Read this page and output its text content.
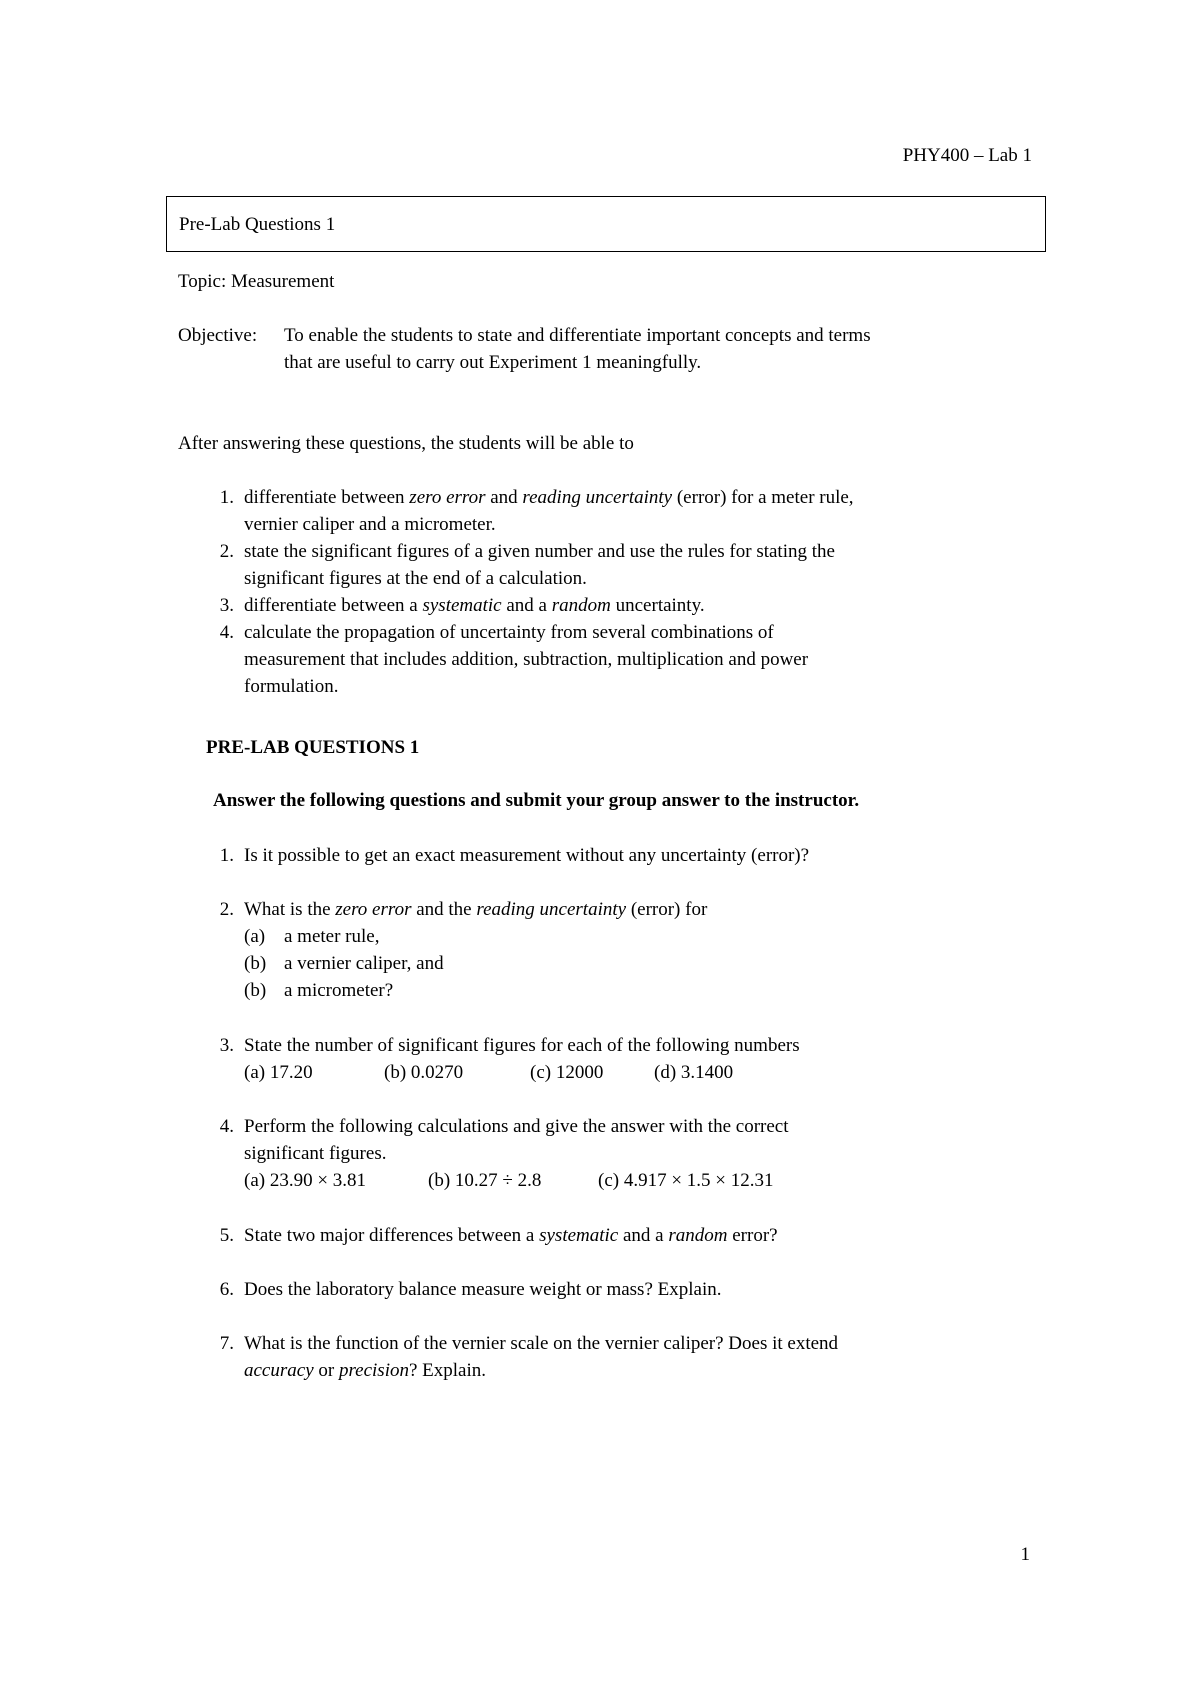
PHY400 – Lab 1
Pre-Lab Questions 1
Topic: Measurement
Objective: To enable the students to state and differentiate important concepts and terms
that are useful to carry out Experiment 1 meaningfully.
After answering these questions, the students will be able to
1. differentiate between zero error and reading uncertainty (error) for a meter rule,
vernier caliper and a micrometer.
2. state the significant figures of a given number and use the rules for stating the
significant figures at the end of a calculation.
3. differentiate between a systematic and a random uncertainty.
4. calculate the propagation of uncertainty from several combinations of
measurement that includes addition, subtraction, multiplication and power
formulation.
PRE-LAB QUESTIONS 1
Answer the following questions and submit your group answer to the instructor.
1. Is it possible to get an exact measurement without any uncertainty (error)?
2. What is the zero error and the reading uncertainty (error) for
(a) a meter rule,
(b) a vernier caliper, and
(b) a micrometer?
3. State the number of significant figures for each of the following numbers
(a) 17.20	(b) 0.0270	(c) 12000	(d) 3.1400
4. Perform the following calculations and give the answer with the correct
significant figures.
(a) 23.90 × 3.81	(b) 10.27 ÷ 2.8	(c) 4.917 × 1.5 × 12.31
5. State two major differences between a systematic and a random error?
6. Does the laboratory balance measure weight or mass? Explain.
7. What is the function of the vernier scale on the vernier caliper? Does it extend
accuracy or precision? Explain.
1
